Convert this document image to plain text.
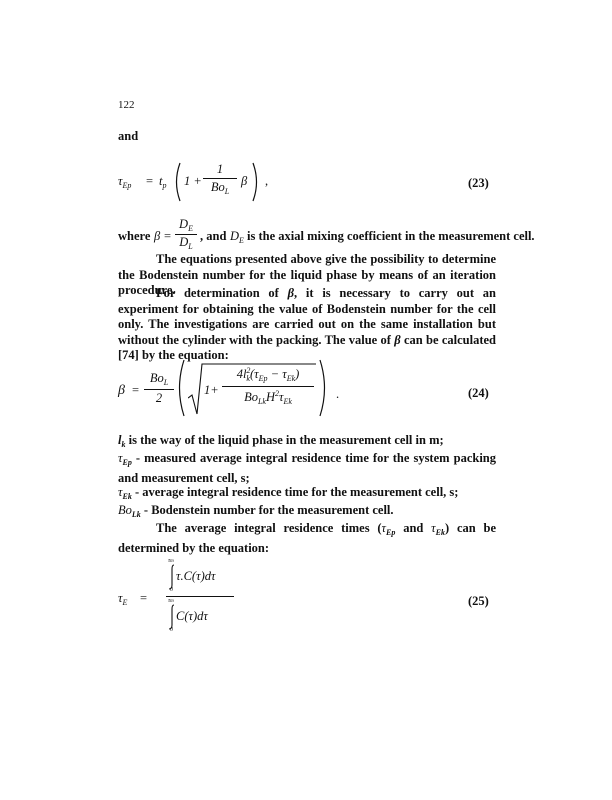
122
and
$\tau_{Ep} = t_p$ 1 +
1
$Bo_L$
β ,	(23)
where β =
$D_E$
$D_L$
, and $D_E$ is the axial mixing coefficient in the measurement cell.

The equations presented above give the possibility to determine the Bodenstein number for the liquid phase by means of an iteration procedure.

For determination of β, it is necessary to carry out an experiment for obtaining the value of Bodenstein number for the cell only. The investigations are carried out on the same installation but without the cylinder with the packing. The value of β can be calculated [74] by the equation:

β =
$Bo_L$
2
1+
$4l^2_k(\tau_{Ep} - \tau_{Ek})$
$Bo_{Lk}H^2\tau_{Ek}$
.	(24)
$l_k$ is the way of the liquid phase in the measurement cell in m;

$\tau_{Ep}$ - measured average integral residence time for the system packing and measurement cell, s;

$\tau_{Ek}$ - average integral residence time for the measurement cell, s;
$Bo_{Lk}$ - Bodenstein number for the measurement cell.

The average integral residence times ($\tau_{Ep}$ and $\tau_{Ek}$) can be determined by the equation:

$\tau_E$ =
τm
0
τ.C(τ)dτ
τm
0
C(τ)dτ
(25)
